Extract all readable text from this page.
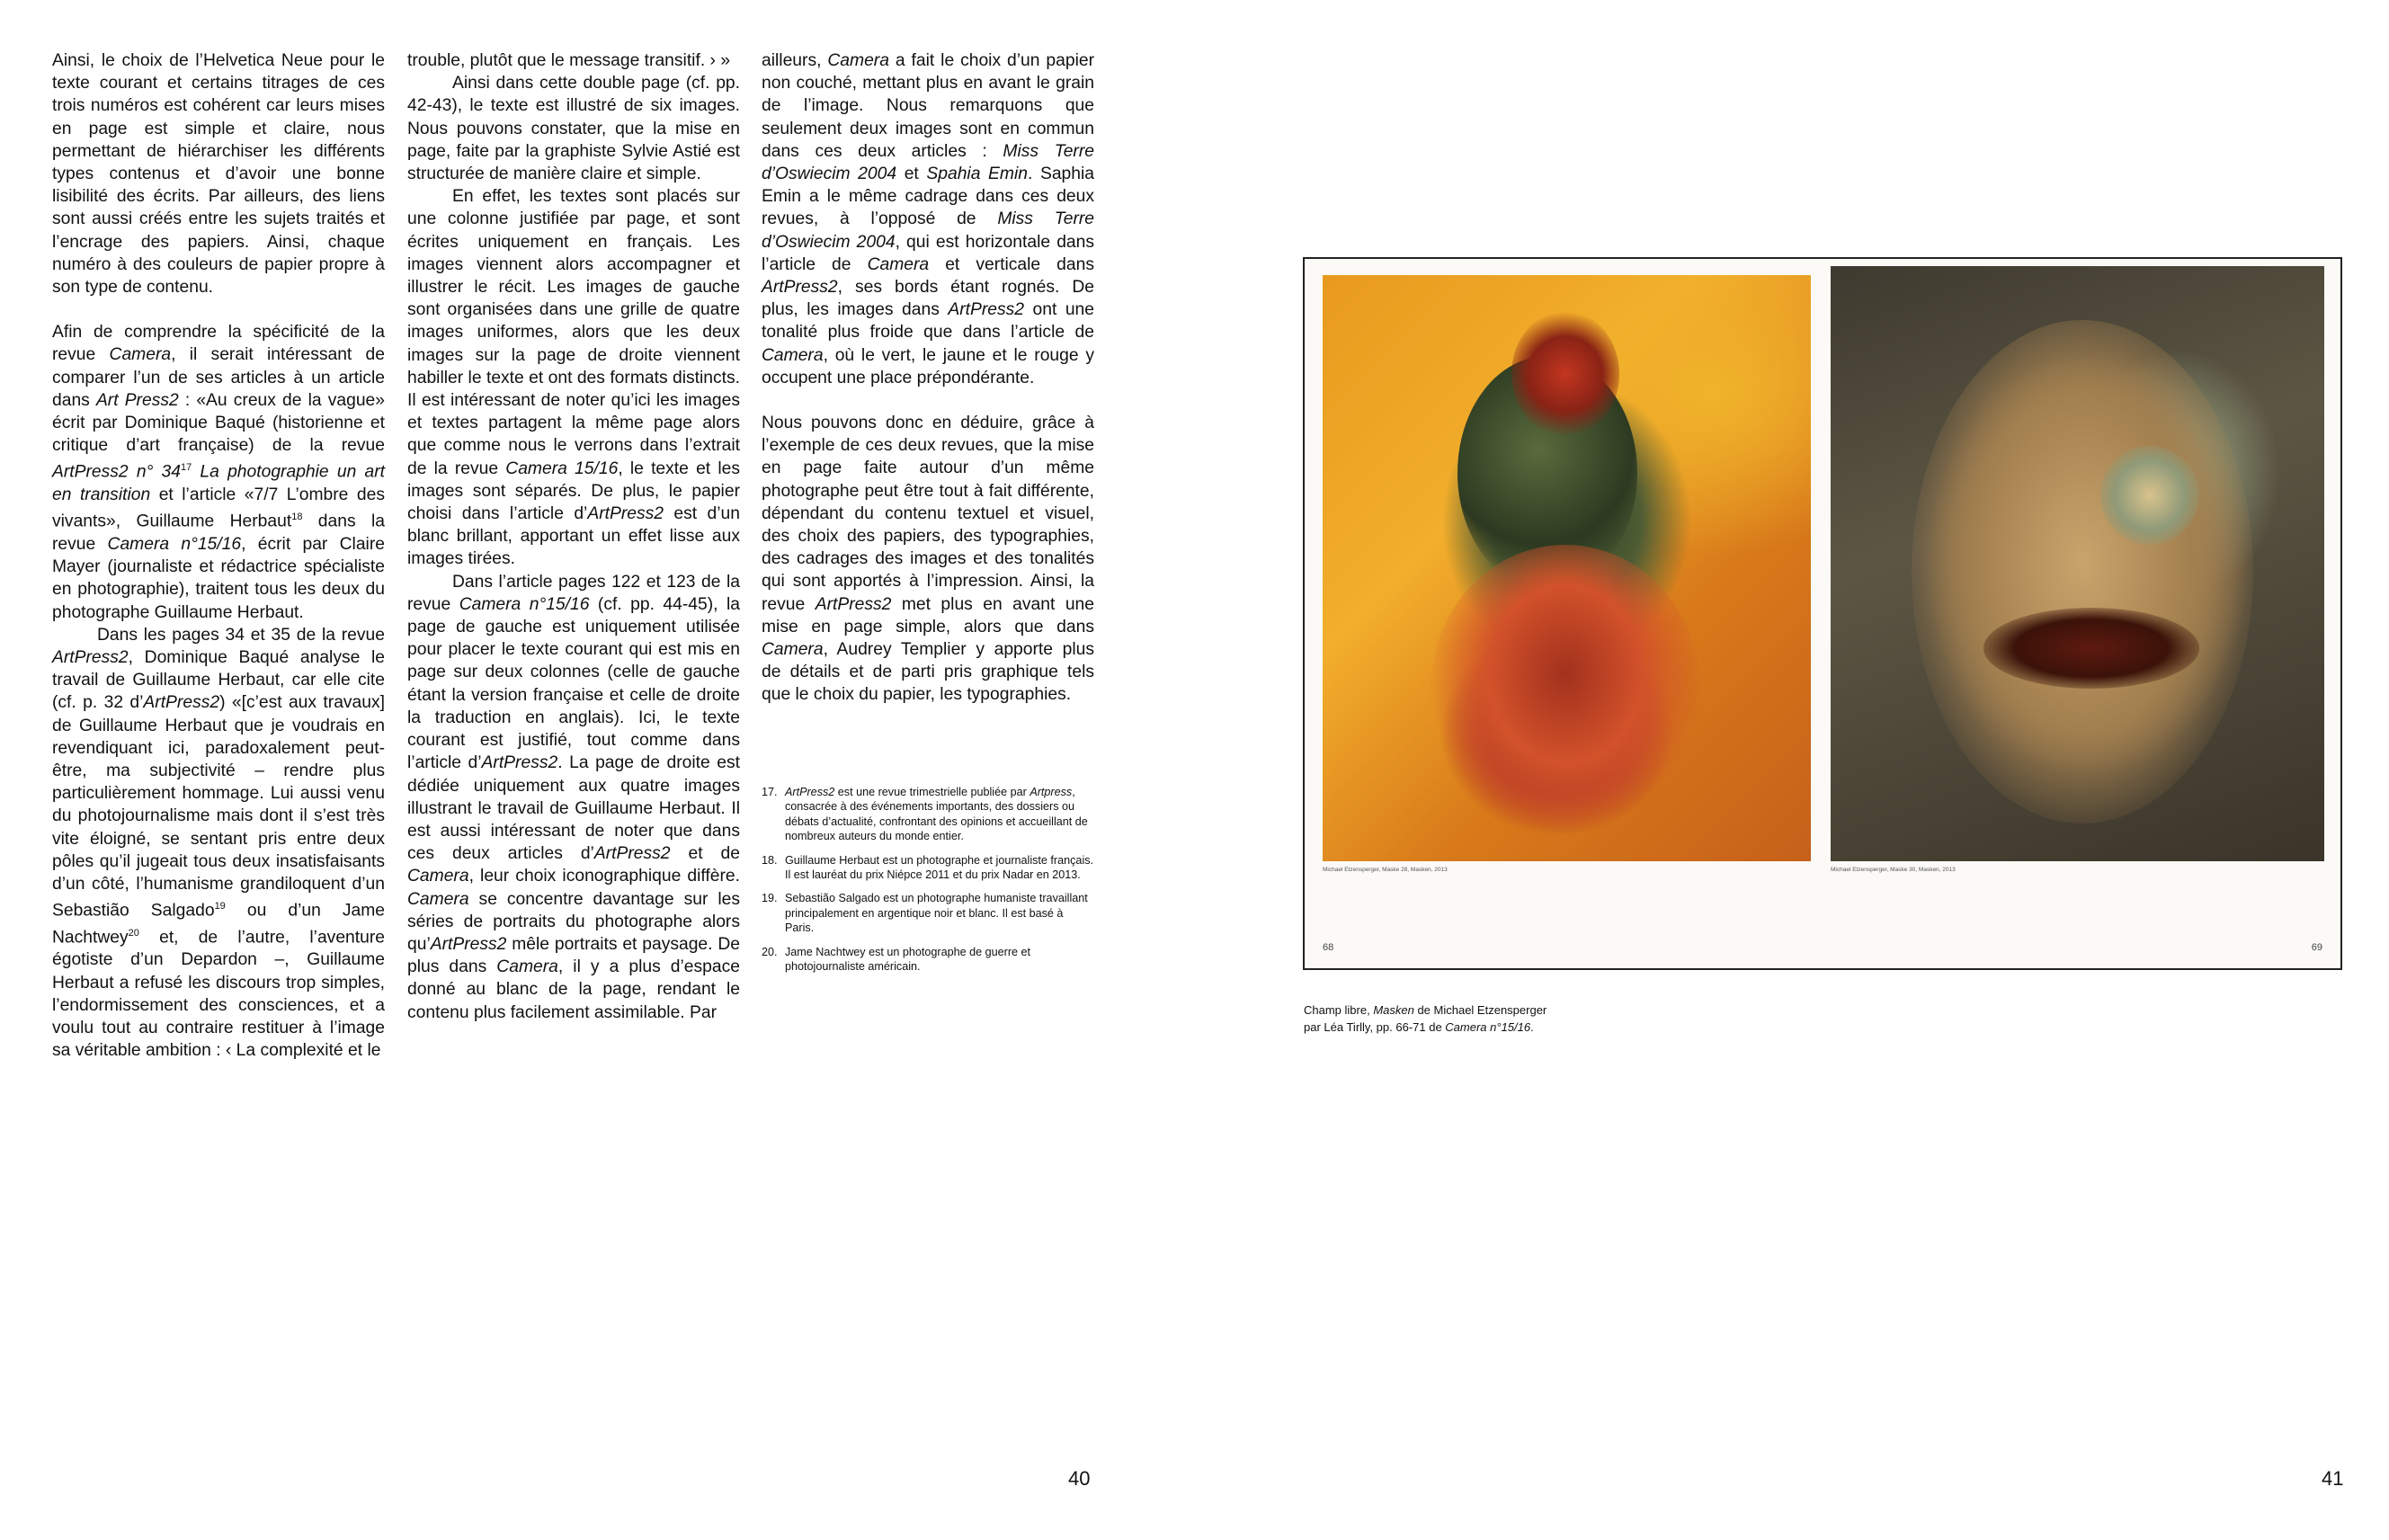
Ainsi, le choix de l’Helvetica Neue pour le texte courant et certains titrages de ces trois numéros est cohérent car leurs mises en page est simple et claire, nous permettant de hiérarchiser les différents types contenus et d’avoir une bonne lisibilité des écrits. Par ailleurs, des liens sont aussi créés entre les sujets traités et l’encrage des papiers. Ainsi, chaque numéro à des couleurs de papier propre à son type de contenu.

Afin de comprendre la spécificité de la revue Camera, il serait intéressant de comparer l’un de ses articles à un article dans Art Press2 : «Au creux de la vague» écrit par Dominique Baqué (historienne et critique d’art française) de la revue ArtPress2 n° $34^{17}$ La photographie un art en transition et l’article «7/7 L’ombre des vivants», Guillaume Herbaut$^{18}$ dans la revue Camera n°15/16, écrit par Claire Mayer (journaliste et rédactrice spécialiste en photographie), traitent tous les deux du photographe Guillaume Herbaut.

Dans les pages 34 et 35 de la revue ArtPress2, Dominique Baqué analyse le travail de Guillaume Herbaut, car elle cite (cf. p. 32 d’ArtPress2) «[c’est aux travaux] de Guillaume Herbaut que je voudrais en revendiquant ici, paradoxalement peut-être, ma subjectivité – rendre plus particulièrement hommage. Lui aussi venu du photojournalisme mais dont il s’est très vite éloigné, se sentant pris entre deux pôles qu’il jugeait tous deux insatisfaisants d’un côté, l’humanisme grandiloquent d’un Sebastião Salgado$^{19}$ ou d’un Jame Nachtwey$^{20}$ et, de l’autre, l’aventure égotiste d’un Depardon –, Guillaume Herbaut a refusé les discours trop simples, l’endormissement des consciences, et a voulu tout au contraire restituer à l’image sa véritable ambition : ‹ La complexité et le

trouble, plutôt que le message transitif. › »

Ainsi dans cette double page (cf. pp. 42-43), le texte est illustré de six images. Nous pouvons constater, que la mise en page, faite par la graphiste Sylvie Astié est structurée de manière claire et simple.

En effet, les textes sont placés sur une colonne justifiée par page, et sont écrites uniquement en français. Les images viennent alors accompagner et illustrer le récit. Les images de gauche sont organisées dans une grille de quatre images uniformes, alors que les deux images sur la page de droite viennent habiller le texte et ont des formats distincts. Il est intéressant de noter qu’ici les images et textes partagent la même page alors que comme nous le verrons dans l’extrait de la revue Camera 15/16, le texte et les images sont séparés. De plus, le papier choisi dans l’article d’ArtPress2 est d’un blanc brillant, apportant un effet lisse aux images tirées.

Dans l’article pages 122 et 123 de la revue Camera n°15/16 (cf. pp. 44-45), la page de gauche est uniquement utilisée pour placer le texte courant qui est mis en page sur deux colonnes (celle de gauche étant la version française et celle de droite la traduction en anglais). Ici, le texte courant est justifié, tout comme dans l’article d’ArtPress2. La page de droite est dédiée uniquement aux quatre images illustrant le travail de Guillaume Herbaut. Il est aussi intéressant de noter que dans ces deux articles d’ArtPress2 et de Camera, leur choix iconographique diffère. Camera se concentre davantage sur les séries de portraits du photographe alors qu’ArtPress2 mêle portraits et paysage. De plus dans Camera, il y a plus d’espace donné au blanc de la page, rendant le contenu plus facilement assimilable. Par

ailleurs, Camera a fait le choix d’un papier non couché, mettant plus en avant le grain de l’image. Nous remarquons que seulement deux images sont en commun dans ces deux articles : Miss Terre d’Oswiecim 2004 et Spahia Emin. Saphia Emin a le même cadrage dans ces deux revues, à l’opposé de Miss Terre d’Oswiecim 2004, qui est horizontale dans l’article de Camera et verticale dans ArtPress2, ses bords étant rognés. De plus, les images dans ArtPress2 ont une tonalité plus froide que dans l’article de Camera, où le vert, le jaune et le rouge y occupent une place prépondérante.

Nous pouvons donc en déduire, grâce à l’exemple de ces deux revues, que la mise en page faite autour d’un même photographe peut être tout à fait différente, dépendant du contenu textuel et visuel, des choix des papiers, des typographies, des cadrages des images et des tonalités qui sont apportés à l’impression. Ainsi, la revue ArtPress2 met plus en avant une mise en page simple, alors que dans Camera, Audrey Templier y apporte plus de détails et de parti pris graphique tels que le choix du papier, les typographies.

17. ArtPress2 est une revue trimestrielle publiée par Artpress, consacrée à des événements importants, des dossiers ou débats d’actualité, confrontant des opinions et accueillant de nombreux auteurs du monde entier.
18. Guillaume Herbaut est un photographe et journaliste français. Il est lauréat du prix Niépce 2011 et du prix Nadar en 2013.
19. Sebastião Salgado est un photographe humaniste travaillant principalement en argentique noir et blanc. Il est basé à Paris.
20. Jame Nachtwey est un photographe de guerre et photojournaliste américain.
40
Michael Etzensperger, Maske 28, Masken, 2013	Michael Etzensperger, Maske 30, Masken, 2013
68	69
Champ libre, Masken de Michael Etzensperger
par Léa Tirlly, pp. 66-71 de Camera n°15/16.
41
